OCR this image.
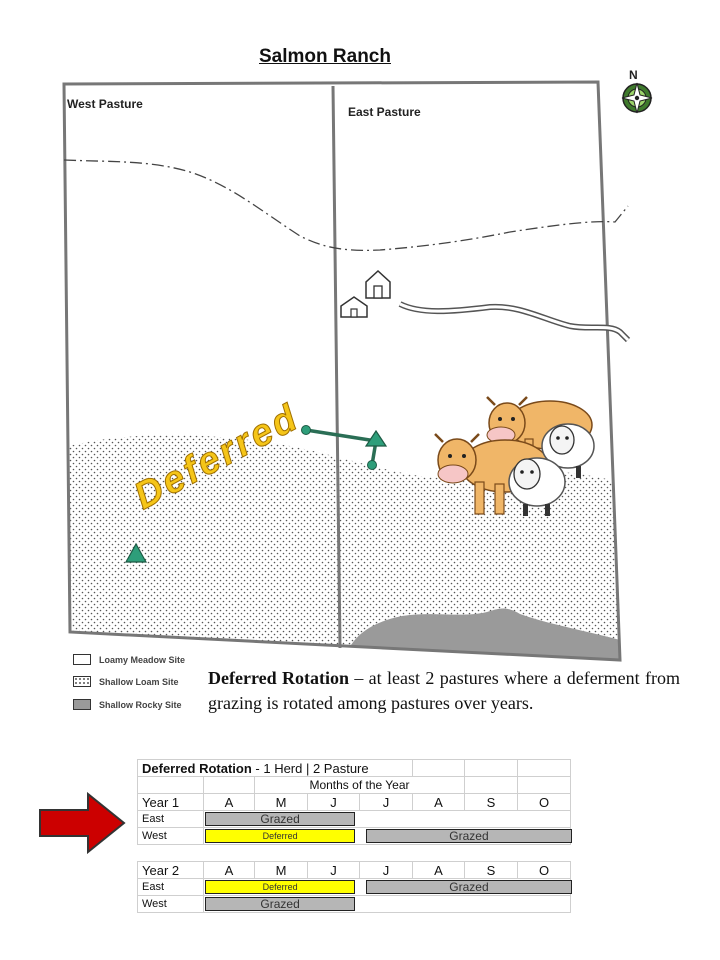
Deferred
Salmon Ranch
N
West Pasture
East Pasture
Loamy Meadow Site
Shallow Loam Site
Shallow Rocky Site
Deferred Rotation – at least 2 pastures where a deferment from grazing is rotated among pastures over years.
Deferred Rotation - 1 Herd | 2 Pasture							
		Months of the Year					
Year 1	A	M	J	J	A	S	O
East	Grazed						

West	Deferred Grazed						
Year 2	A	M	J	J	A	S	O
East	Deferred Grazed						

West	Grazed						
